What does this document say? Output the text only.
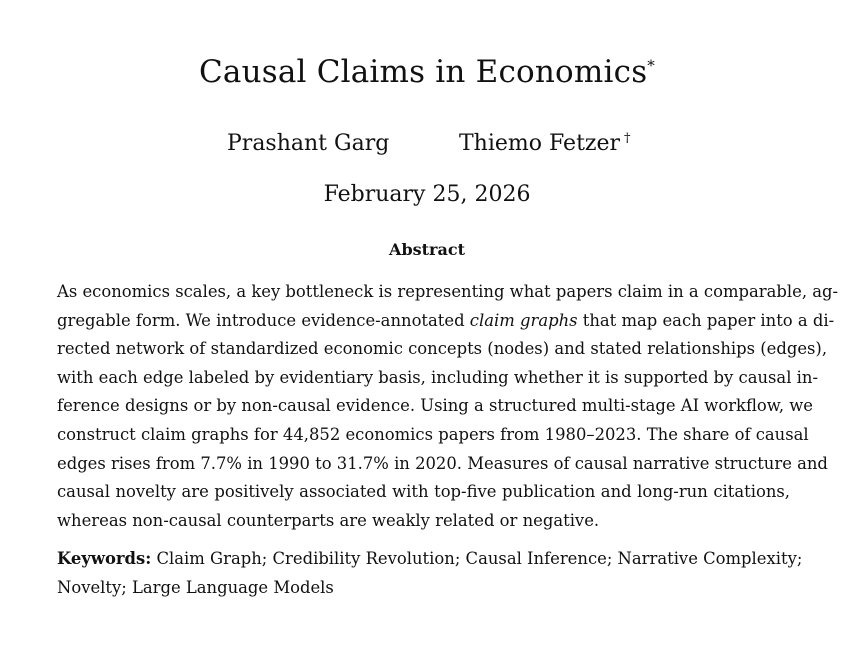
Causal Claims in Economics*
Prashant Garg	Thiemo Fetzer †
February 25, 2026
Abstract
As economics scales, a key bottleneck is representing what papers claim in a comparable, ag-
gregable form. We introduce evidence-annotated claim graphs that map each paper into a di-
rected network of standardized economic concepts (nodes) and stated relationships (edges),
with each edge labeled by evidentiary basis, including whether it is supported by causal in-
ference designs or by non-causal evidence. Using a structured multi-stage AI workflow, we
construct claim graphs for 44,852 economics papers from 1980–2023. The share of causal
edges rises from 7.7% in 1990 to 31.7% in 2020. Measures of causal narrative structure and
causal novelty are positively associated with top-five publication and long-run citations,
whereas non-causal counterparts are weakly related or negative.
Keywords: Claim Graph; Credibility Revolution; Causal Inference; Narrative Complexity;
Novelty; Large Language Models
